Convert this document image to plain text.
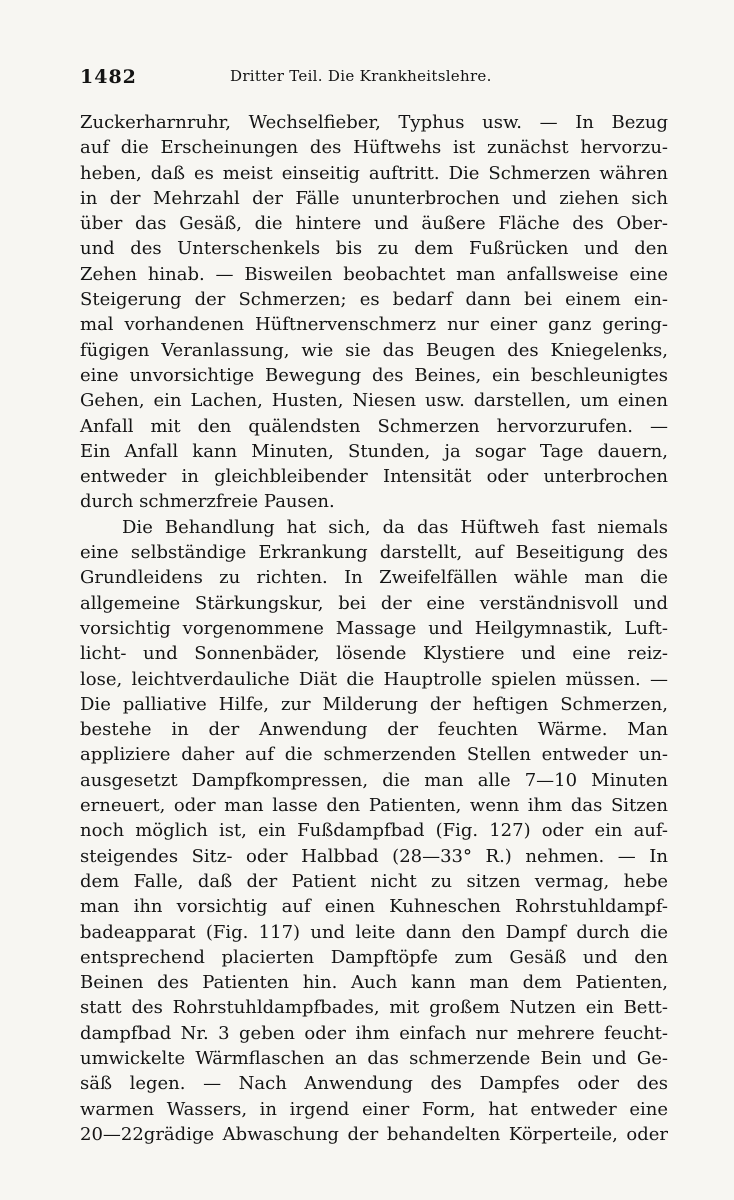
1482	Dritter Teil. Die Krankheitslehre.
Zuckerharnruhr, Wechselfieber, Typhus usw. — In Bezug
auf die Erscheinungen des Hüftwehs ist zunächst hervorzu-
heben, daß es meist einseitig auftritt. Die Schmerzen währen
in der Mehrzahl der Fälle ununterbrochen und ziehen sich
über das Gesäß, die hintere und äußere Fläche des Ober-
und des Unterschenkels bis zu dem Fußrücken und den
Zehen hinab. — Bisweilen beobachtet man anfallsweise eine
Steigerung der Schmerzen; es bedarf dann bei einem ein-
mal vorhandenen Hüftnervenschmerz nur einer ganz gering-
fügigen Veranlassung, wie sie das Beugen des Kniegelenks,
eine unvorsichtige Bewegung des Beines, ein beschleunigtes
Gehen, ein Lachen, Husten, Niesen usw. darstellen, um einen
Anfall mit den quälendsten Schmerzen hervorzurufen. —
Ein Anfall kann Minuten, Stunden, ja sogar Tage dauern,
entweder in gleichbleibender Intensität oder unterbrochen
durch schmerzfreie Pausen.
Die Behandlung hat sich, da das Hüftweh fast niemals
eine selbständige Erkrankung darstellt, auf Beseitigung des
Grundleidens zu richten. In Zweifelfällen wähle man die
allgemeine Stärkungskur, bei der eine verständnisvoll und
vorsichtig vorgenommene Massage und Heilgymnastik, Luft-
licht- und Sonnenbäder, lösende Klystiere und eine reiz-
lose, leichtverdauliche Diät die Hauptrolle spielen müssen. —
Die palliative Hilfe, zur Milderung der heftigen Schmerzen,
bestehe in der Anwendung der feuchten Wärme. Man
appliziere daher auf die schmerzenden Stellen entweder un-
ausgesetzt Dampfkompressen, die man alle 7—10 Minuten
erneuert, oder man lasse den Patienten, wenn ihm das Sitzen
noch möglich ist, ein Fußdampfbad (Fig. 127) oder ein auf-
steigendes Sitz- oder Halbbad (28—33° R.) nehmen. — In
dem Falle, daß der Patient nicht zu sitzen vermag, hebe
man ihn vorsichtig auf einen Kuhneschen Rohrstuhldampf-
badeapparat (Fig. 117) und leite dann den Dampf durch die
entsprechend placierten Dampftöpfe zum Gesäß und den
Beinen des Patienten hin. Auch kann man dem Patienten,
statt des Rohrstuhldampfbades, mit großem Nutzen ein Bett-
dampfbad Nr. 3 geben oder ihm einfach nur mehrere feucht-
umwickelte Wärmflaschen an das schmerzende Bein und Ge-
säß legen. — Nach Anwendung des Dampfes oder des
warmen Wassers, in irgend einer Form, hat entweder eine
20—22grädige Abwaschung der behandelten Körperteile, oder
